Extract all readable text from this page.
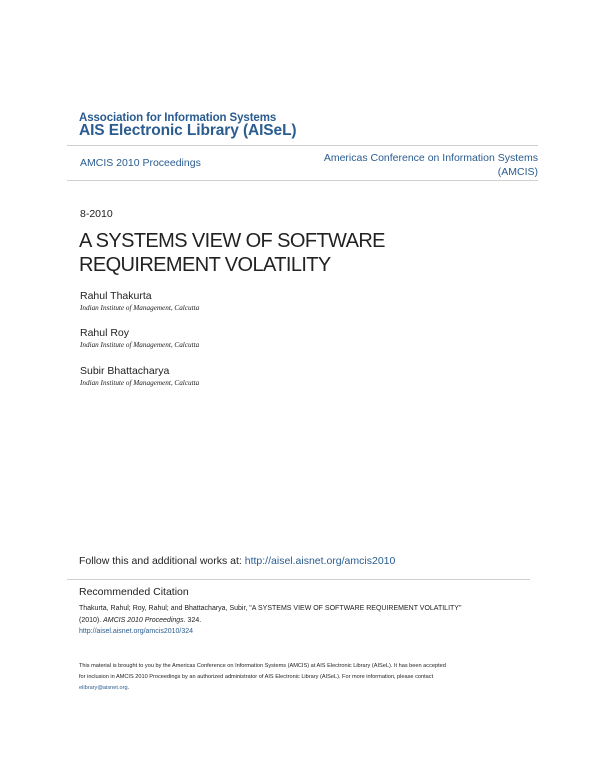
Association for Information Systems
AIS Electronic Library (AISeL)
AMCIS 2010 Proceedings	Americas Conference on Information Systems
(AMCIS)
8-2010
A SYSTEMS VIEW OF SOFTWARE
REQUIREMENT VOLATILITY
Rahul Thakurta
Indian Institute of Management, Calcutta
Rahul Roy
Indian Institute of Management, Calcutta
Subir Bhattacharya
Indian Institute of Management, Calcutta
Follow this and additional works at: http://aisel.aisnet.org/amcis2010
Recommended Citation
Thakurta, Rahul; Roy, Rahul; and Bhattacharya, Subir, "A SYSTEMS VIEW OF SOFTWARE REQUIREMENT VOLATILITY"
(2010). AMCIS 2010 Proceedings. 324.
http://aisel.aisnet.org/amcis2010/324
This material is brought to you by the Americas Conference on Information Systems (AMCIS) at AIS Electronic Library (AISeL). It has been accepted
for inclusion in AMCIS 2010 Proceedings by an authorized administrator of AIS Electronic Library (AISeL). For more information, please contact
elibrary@aisnet.org.
